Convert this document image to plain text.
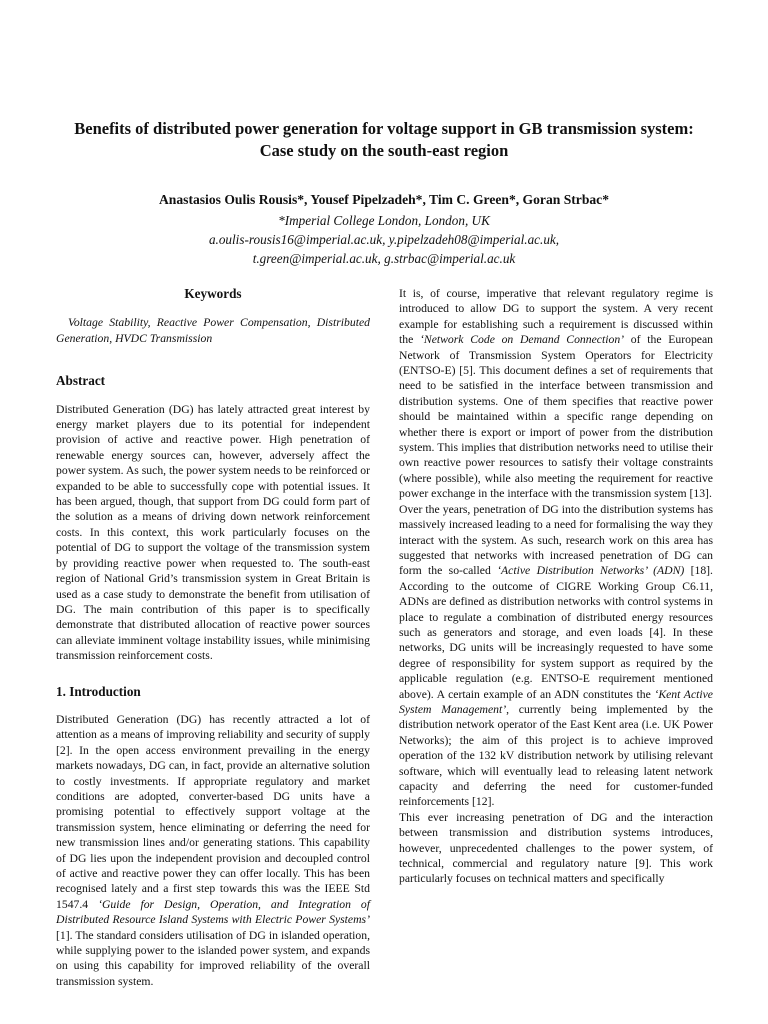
Benefits of distributed power generation for voltage support in GB transmission system: Case study on the south-east region
Anastasios Oulis Rousis*, Yousef Pipelzadeh*, Tim C. Green*, Goran Strbac*
*Imperial College London, London, UK
a.oulis-rousis16@imperial.ac.uk, y.pipelzadeh08@imperial.ac.uk,
t.green@imperial.ac.uk, g.strbac@imperial.ac.uk
Keywords

Voltage Stability, Reactive Power Compensation, Distributed Generation, HVDC Transmission

Abstract

Distributed Generation (DG) has lately attracted great interest by energy market players due to its potential for independent provision of active and reactive power. High penetration of renewable energy sources can, however, adversely affect the power system. As such, the power system needs to be reinforced or expanded to be able to successfully cope with potential issues. It has been argued, though, that support from DG could form part of the solution as a means of driving down network reinforcement costs. In this context, this work particularly focuses on the potential of DG to support the voltage of the transmission system by providing reactive power when requested to. The south-east region of National Grid’s transmission system in Great Britain is used as a case study to demonstrate the benefit from utilisation of DG. The main contribution of this paper is to specifically demonstrate that distributed allocation of reactive power sources can alleviate imminent voltage instability issues, while minimising transmission reinforcement costs.

1. Introduction

Distributed Generation (DG) has recently attracted a lot of attention as a means of improving reliability and security of supply [2]. In the open access environment prevailing in the energy markets nowadays, DG can, in fact, provide an alternative solution to costly investments. If appropriate regulatory and market conditions are adopted, converter-based DG units have a promising potential to effectively support voltage at the transmission system, hence eliminating or deferring the need for new transmission lines and/or generating stations. This capability of DG lies upon the independent provision and decoupled control of active and reactive power they can offer locally. This has been recognised lately and a first step towards this was the IEEE Std 1547.4 ‘Guide for Design, Operation, and Integration of Distributed Resource Island Systems with Electric Power Systems’ [1]. The standard considers utilisation of DG in islanded operation, while supplying power to the islanded power system, and expands on using this capability for improved reliability of the overall transmission system.

It is, of course, imperative that relevant regulatory regime is introduced to allow DG to support the system. A very recent example for establishing such a requirement is discussed within the ‘Network Code on Demand Connection’ of the European Network of Transmission System Operators for Electricity (ENTSO-E) [5]. This document defines a set of requirements that need to be satisfied in the interface between transmission and distribution systems. One of them specifies that reactive power should be maintained within a specific range depending on whether there is export or import of power from the distribution system. This implies that distribution networks need to utilise their own reactive power resources to satisfy their voltage constraints (where possible), while also meeting the requirement for reactive power exchange in the interface with the transmission system [13].

Over the years, penetration of DG into the distribution systems has massively increased leading to a need for formalising the way they interact with the system. As such, research work on this area has suggested that networks with increased penetration of DG can form the so-called ‘Active Distribution Networks’ (ADN) [18]. According to the outcome of CIGRE Working Group C6.11, ADNs are defined as distribution networks with control systems in place to regulate a combination of distributed energy resources such as generators and storage, and even loads [4]. In these networks, DG units will be increasingly requested to have some degree of responsibility for system support as required by the applicable regulation (e.g. ENTSO-E requirement mentioned above). A certain example of an ADN constitutes the ‘Kent Active System Management’, currently being implemented by the distribution network operator of the East Kent area (i.e. UK Power Networks); the aim of this project is to achieve improved operation of the 132 kV distribution network by utilising relevant software, which will eventually lead to releasing latent network capacity and deferring the need for customer-funded reinforcements [12].

This ever increasing penetration of DG and the interaction between transmission and distribution systems introduces, however, unprecedented challenges to the power system, of technical, commercial and regulatory nature [9]. This work particularly focuses on technical matters and specifically
